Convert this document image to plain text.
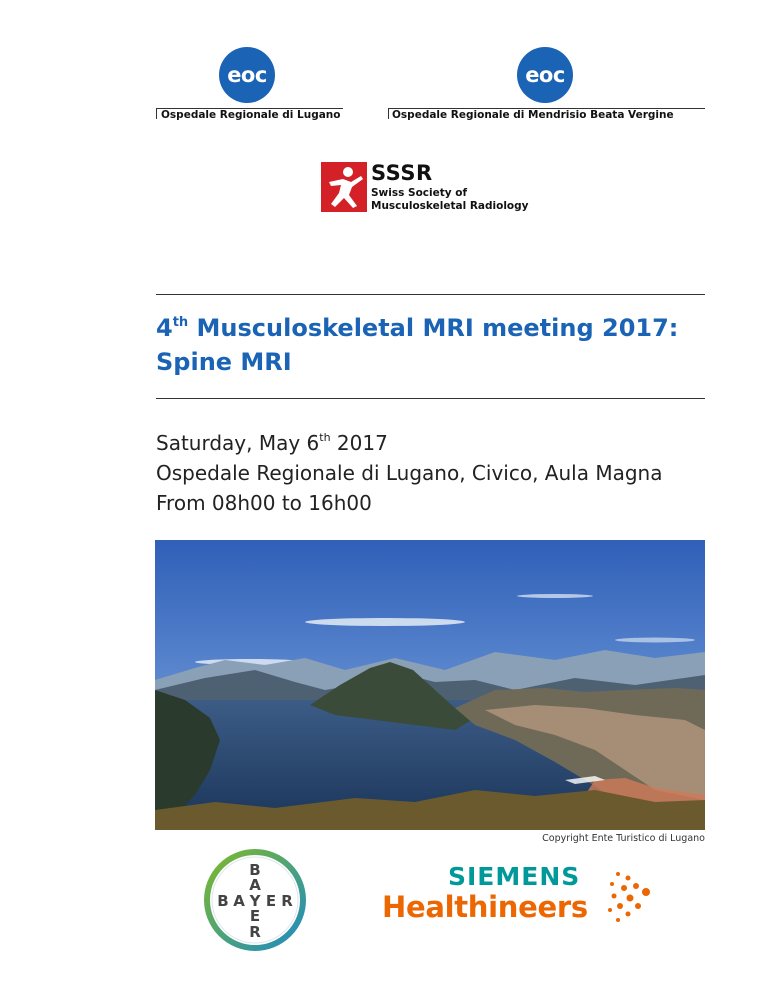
eoc
Ospedale Regionale di Lugano
eoc
Ospedale Regionale di Mendrisio Beata Vergine
SSSR
Swiss Society of
Musculoskeletal Radiology
4th Musculoskeletal MRI meeting 2017:
Spine MRI
Saturday, May 6th 2017
Ospedale Regionale di Lugano, Civico, Aula Magna
From 08h00 to 16h00
Copyright Ente Turistico di Lugano
B
A
Y
E
R
B A E R
SIEMENS
Healthineers
